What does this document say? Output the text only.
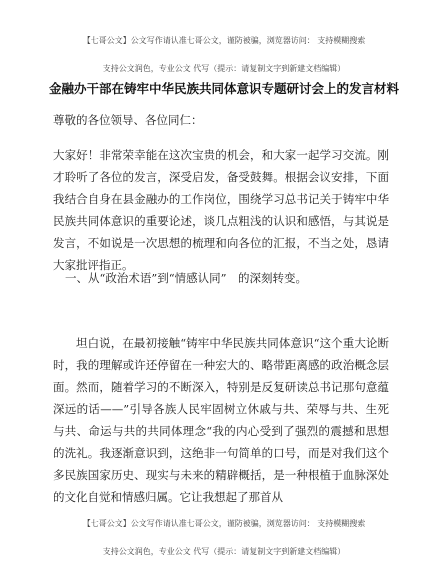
【七哥公文】公文写作请认准七哥公文，谨防被骗，浏览器访问： 支持模糊搜索
支持公文润色，专业公文 代写（提示：请复制文字到新建文档编辑）
金融办干部在铸牢中华民族共同体意识专题研讨会上的发言材料
尊敬的各位领导、各位同仁：
大家好！非常荣幸能在这次宝贵的机会，和大家一起学习交流。刚才聆听了各位的发言，深受启发，备受鼓舞。根据会议安排，下面我结合自身在县金融办的工作岗位，围绕学习总书记关于铸牢中华民族共同体意识的重要论述，谈几点粗浅的认识和感悟，与其说是发言，不如说是一次思想的梳理和向各位的汇报，不当之处，恳请大家批评指正。
一、从“政治术语”到“情感认同”　的深刻转变。
坦白说，在最初接触“铸牢中华民族共同体意识“这个重大论断时，我的理解或许还停留在一种宏大的、略带距离感的政治概念层面。然而，随着学习的不断深入，特别是反复研读总书记那句意蕴深远的话——”引导各族人民牢固树立休戚与共、荣辱与共、生死与共、命运与共的共同体理念“我的内心受到了强烈的震撼和思想的洗礼。我逐渐意识到，这绝非一句简单的口号，而是对我们这个多民族国家历史、现实与未来的精辟概括，是一种根植于血脉深处的文化自觉和情感归属。它让我想起了那首从
【七哥公文】公文写作请认准七哥公文，谨防被骗，浏览器访问： 支持模糊搜索
支持公文润色，专业公文 代写（提示：请复制文字到新建文档编辑）
